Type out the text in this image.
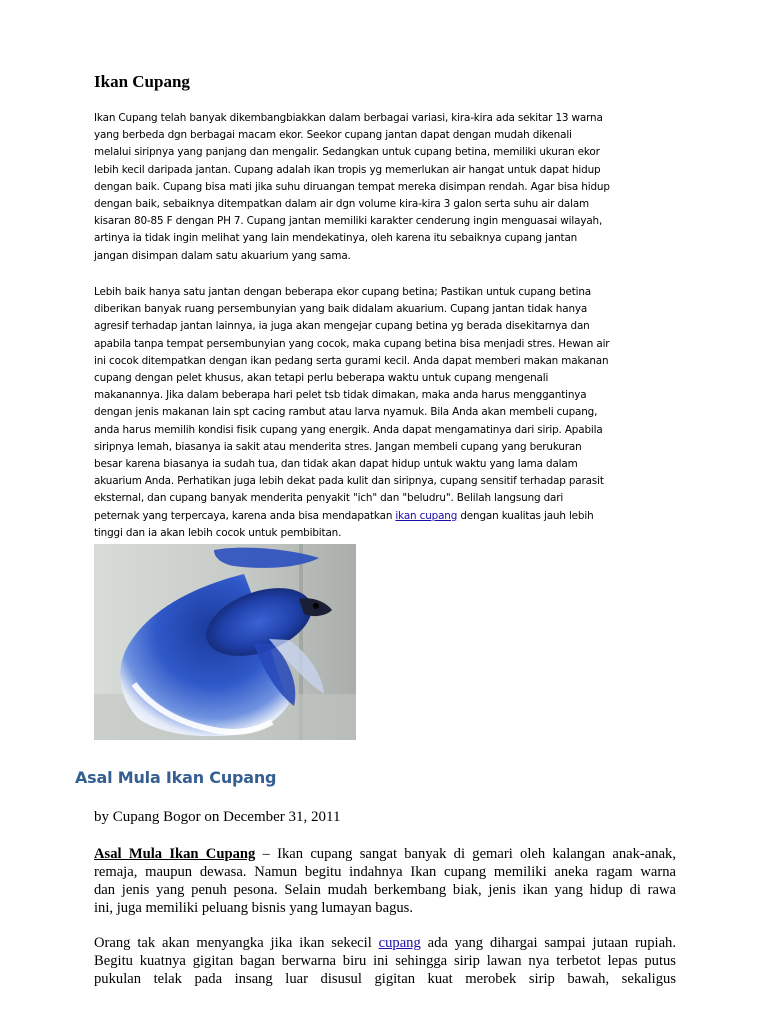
Ikan Cupang

Ikan Cupang telah banyak dikembangbiakkan dalam berbagai variasi, kira-kira ada sekitar 13 warna
yang berbeda dgn berbagai macam ekor. Seekor cupang jantan dapat dengan mudah dikenali
melalui siripnya yang panjang dan mengalir. Sedangkan untuk cupang betina, memiliki ukuran ekor
lebih kecil daripada jantan. Cupang adalah ikan tropis yg memerlukan air hangat untuk dapat hidup
dengan baik. Cupang bisa mati jika suhu diruangan tempat mereka disimpan rendah. Agar bisa hidup
dengan baik, sebaiknya ditempatkan dalam air dgn volume kira-kira 3 galon serta suhu air dalam
kisaran 80-85 F dengan PH 7. Cupang jantan memiliki karakter cenderung ingin menguasai wilayah,
artinya ia tidak ingin melihat yang lain mendekatinya, oleh karena itu sebaiknya cupang jantan
jangan disimpan dalam satu akuarium yang sama.

Lebih baik hanya satu jantan dengan beberapa ekor cupang betina; Pastikan untuk cupang betina
diberikan banyak ruang persembunyian yang baik didalam akuarium. Cupang jantan tidak hanya
agresif terhadap jantan lainnya, ia juga akan mengejar cupang betina yg berada disekitarnya dan
apabila tanpa tempat persembunyian yang cocok, maka cupang betina bisa menjadi stres. Hewan air
ini cocok ditempatkan dengan ikan pedang serta gurami kecil. Anda dapat memberi makan makanan
cupang dengan pelet khusus, akan tetapi perlu beberapa waktu untuk cupang mengenali
makanannya. Jika dalam beberapa hari pelet tsb tidak dimakan, maka anda harus menggantinya
dengan jenis makanan lain spt cacing rambut atau larva nyamuk. Bila Anda akan membeli cupang,
anda harus memilih kondisi fisik cupang yang energik. Anda dapat mengamatinya dari sirip. Apabila
siripnya lemah, biasanya ia sakit atau menderita stres. Jangan membeli cupang yang berukuran
besar karena biasanya ia sudah tua, dan tidak akan dapat hidup untuk waktu yang lama dalam
akuarium Anda. Perhatikan juga lebih dekat pada kulit dan siripnya, cupang sensitif terhadap parasit
eksternal, dan cupang banyak menderita penyakit "ich" dan "beludru". Belilah langsung dari
peternak yang terpercaya, karena anda bisa mendapatkan ikan cupang dengan kualitas jauh lebih
tinggi dan ia akan lebih cocok untuk pembibitan.

Asal Mula Ikan Cupang

by Cupang Bogor on December 31, 2011

Asal Mula Ikan Cupang – Ikan cupang sangat banyak di gemari oleh kalangan anak-anak,
remaja, maupun dewasa. Namun begitu indahnya Ikan cupang memiliki aneka ragam warna
dan jenis yang penuh pesona. Selain mudah berkembang biak, jenis ikan yang hidup di rawa
ini, juga memiliki peluang bisnis yang lumayan bagus.

Orang tak akan menyangka jika ikan sekecil cupang ada yang dihargai sampai jutaan rupiah.
Begitu kuatnya gigitan bagan berwarna biru ini sehingga sirip lawan nya terbetot lepas putus
pukulan telak pada insang luar disusul gigitan kuat merobek sirip bawah, sekaligus
